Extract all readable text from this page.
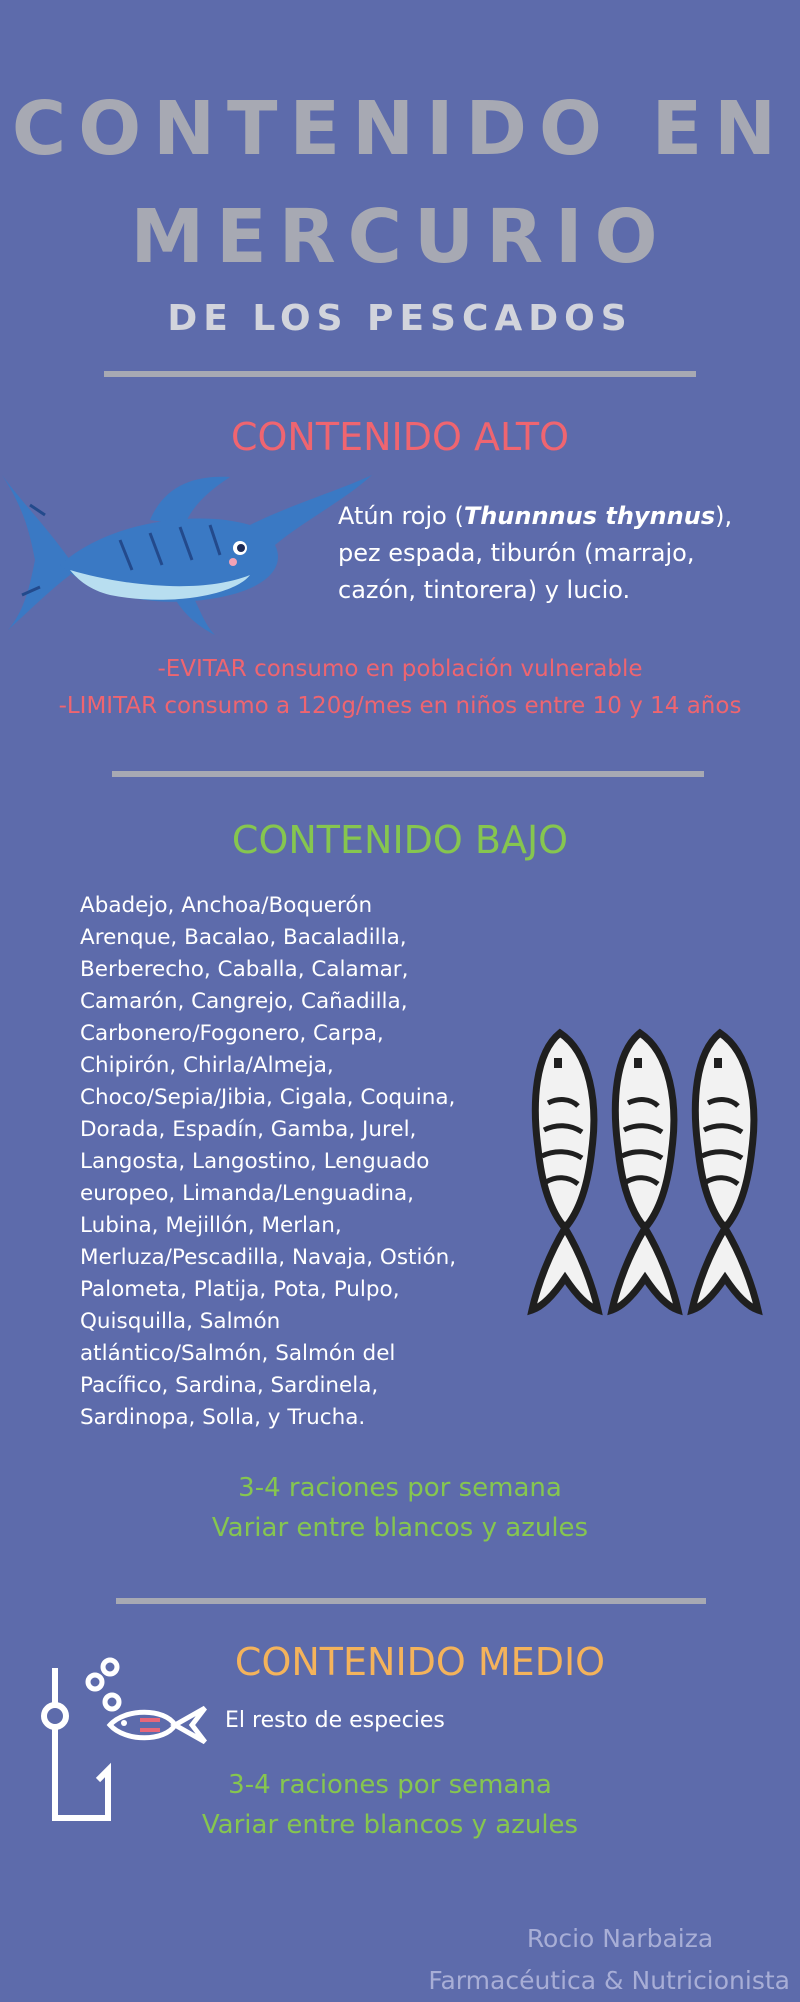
CONTENIDO EN
MERCURIO
DE LOS PESCADOS
CONTENIDO ALTO
Atún rojo (Thunnnus thynnus),
pez espada, tiburón (marrajo,
cazón, tintorera) y lucio.
-EVITAR consumo en población vulnerable
-LIMITAR consumo a 120g/mes en niños entre 10 y 14 años
CONTENIDO BAJO
Abadejo, Anchoa/Boquerón
Arenque, Bacalao, Bacaladilla,
Berberecho, Caballa, Calamar,
Camarón, Cangrejo, Cañadilla,
Carbonero/Fogonero, Carpa,
Chipirón, Chirla/Almeja,
Choco/Sepia/Jibia, Cigala, Coquina,
Dorada, Espadín, Gamba, Jurel,
Langosta, Langostino, Lenguado
europeo, Limanda/Lenguadina,
Lubina, Mejillón, Merlan,
Merluza/Pescadilla, Navaja, Ostión,
Palometa, Platija, Pota, Pulpo,
Quisquilla, Salmón
atlántico/Salmón, Salmón del
Pacífico, Sardina, Sardinela,
Sardinopa, Solla, y Trucha.
3-4 raciones por semana
Variar entre blancos y azules
CONTENIDO MEDIO
El resto de especies
3-4 raciones por semana
Variar entre blancos y azules
Rocio Narbaiza
Farmacéutica & Nutricionista
